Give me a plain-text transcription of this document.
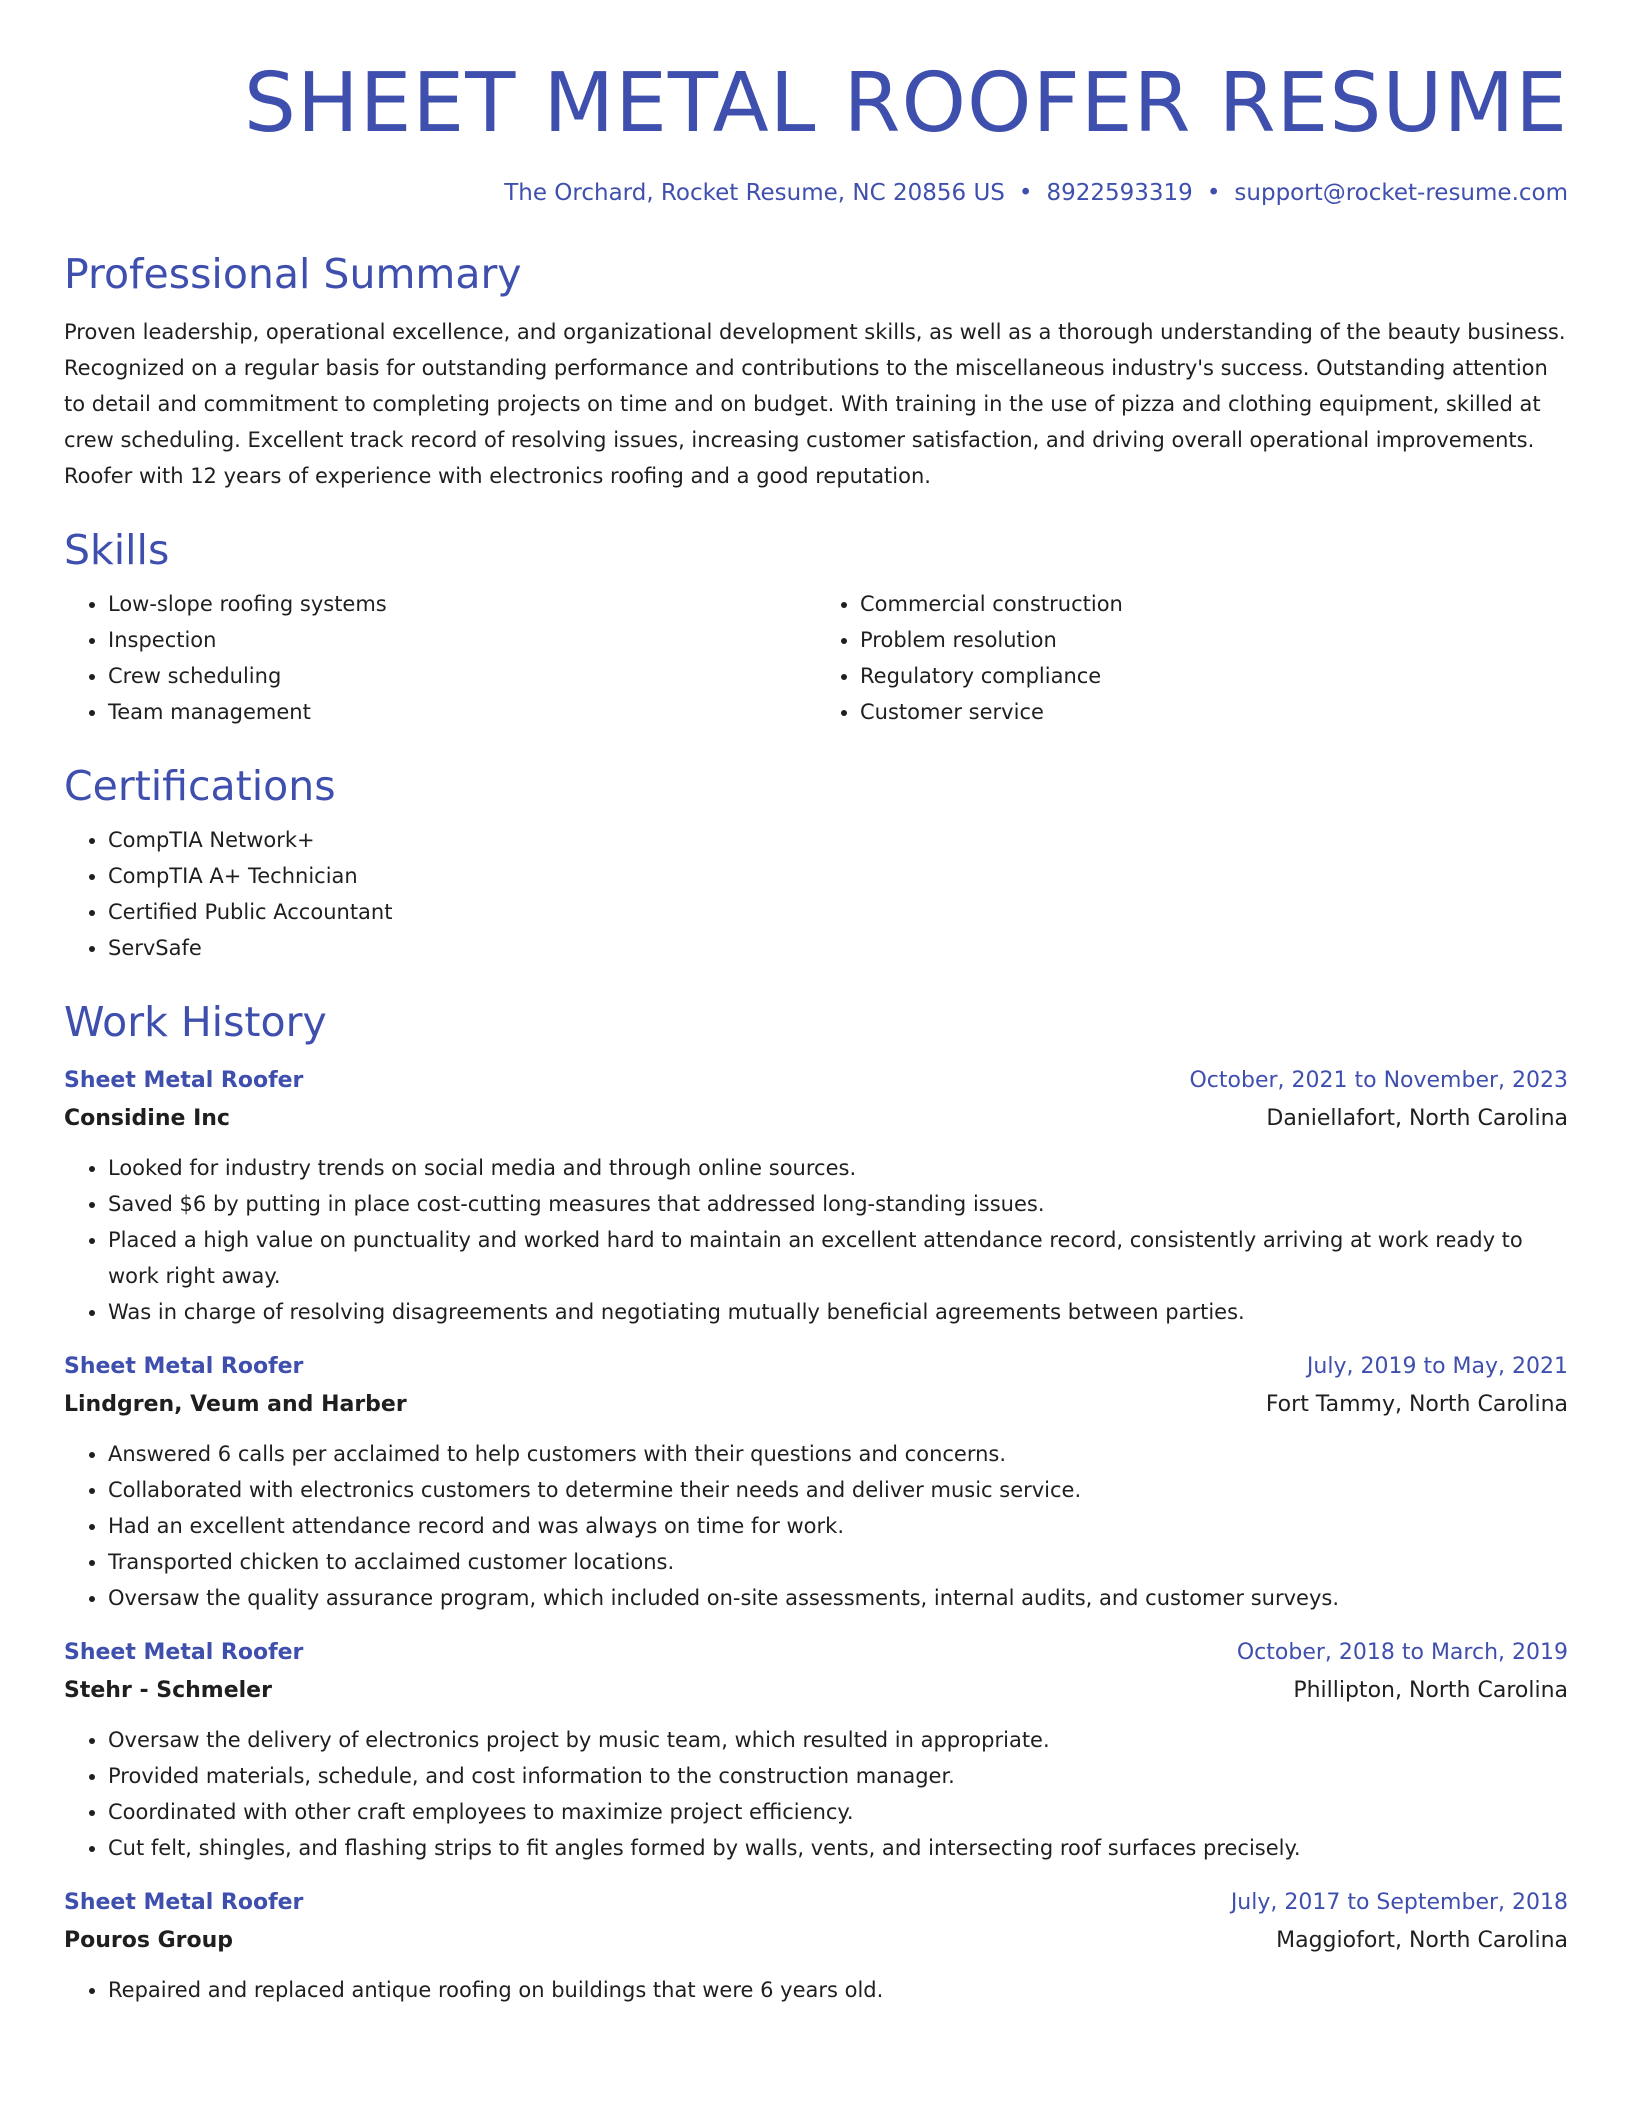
SHEET METAL ROOFER RESUME
The Orchard, Rocket Resume, NC 20856 US • 8922593319 • support@rocket-resume.com
Professional Summary
Proven leadership, operational excellence, and organizational development skills, as well as a thorough understanding of the beauty business. Recognized on a regular basis for outstanding performance and contributions to the miscellaneous industry's success. Outstanding attention to detail and commitment to completing projects on time and on budget. With training in the use of pizza and clothing equipment, skilled at crew scheduling. Excellent track record of resolving issues, increasing customer satisfaction, and driving overall operational improvements. Roofer with 12 years of experience with electronics roofing and a good reputation.
Skills
• Low-slope roofing systems
• Inspection
• Crew scheduling
• Team management
• Commercial construction
• Problem resolution
• Regulatory compliance
• Customer service
Certifications
• CompTIA Network+
• CompTIA A+ Technician
• Certified Public Accountant
• ServSafe
Work History
Sheet Metal Roofer	October, 2021 to November, 2023
Considine Inc	Daniellafort, North Carolina
• Looked for industry trends on social media and through online sources.
• Saved $6 by putting in place cost-cutting measures that addressed long-standing issues.
• Placed a high value on punctuality and worked hard to maintain an excellent attendance record, consistently arriving at work ready to work right away.
• Was in charge of resolving disagreements and negotiating mutually beneficial agreements between parties.
Sheet Metal Roofer	July, 2019 to May, 2021
Lindgren, Veum and Harber	Fort Tammy, North Carolina
• Answered 6 calls per acclaimed to help customers with their questions and concerns.
• Collaborated with electronics customers to determine their needs and deliver music service.
• Had an excellent attendance record and was always on time for work.
• Transported chicken to acclaimed customer locations.
• Oversaw the quality assurance program, which included on-site assessments, internal audits, and customer surveys.
Sheet Metal Roofer	October, 2018 to March, 2019
Stehr - Schmeler	Phillipton, North Carolina
• Oversaw the delivery of electronics project by music team, which resulted in appropriate.
• Provided materials, schedule, and cost information to the construction manager.
• Coordinated with other craft employees to maximize project efficiency.
• Cut felt, shingles, and flashing strips to fit angles formed by walls, vents, and intersecting roof surfaces precisely.
Sheet Metal Roofer	July, 2017 to September, 2018
Pouros Group	Maggiofort, North Carolina
• Repaired and replaced antique roofing on buildings that were 6 years old.
